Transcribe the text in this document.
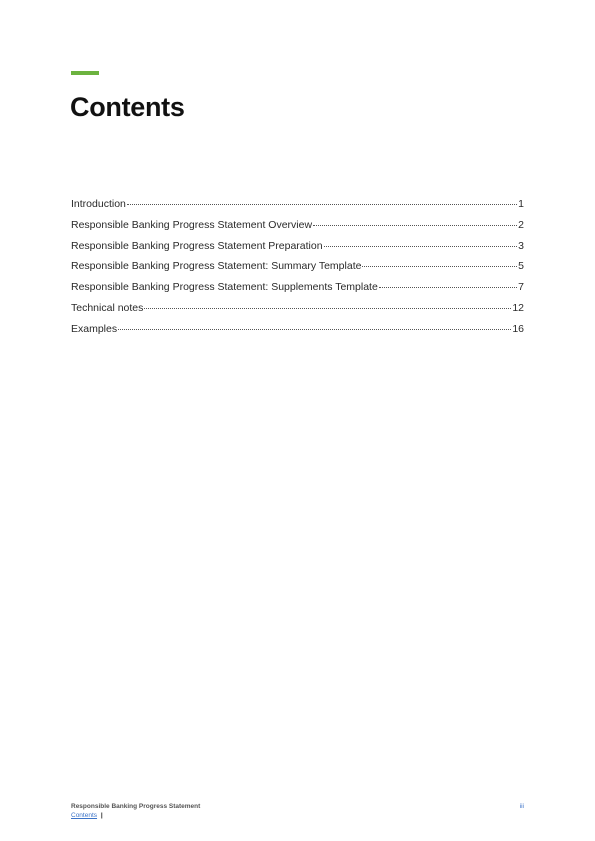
Contents
Introduction	1
Responsible Banking Progress Statement Overview	2
Responsible Banking Progress Statement Preparation	3
Responsible Banking Progress Statement: Summary Template	5
Responsible Banking Progress Statement: Supplements Template	7
Technical notes	12
Examples	16
Responsible Banking Progress Statement
Contents |
iii
